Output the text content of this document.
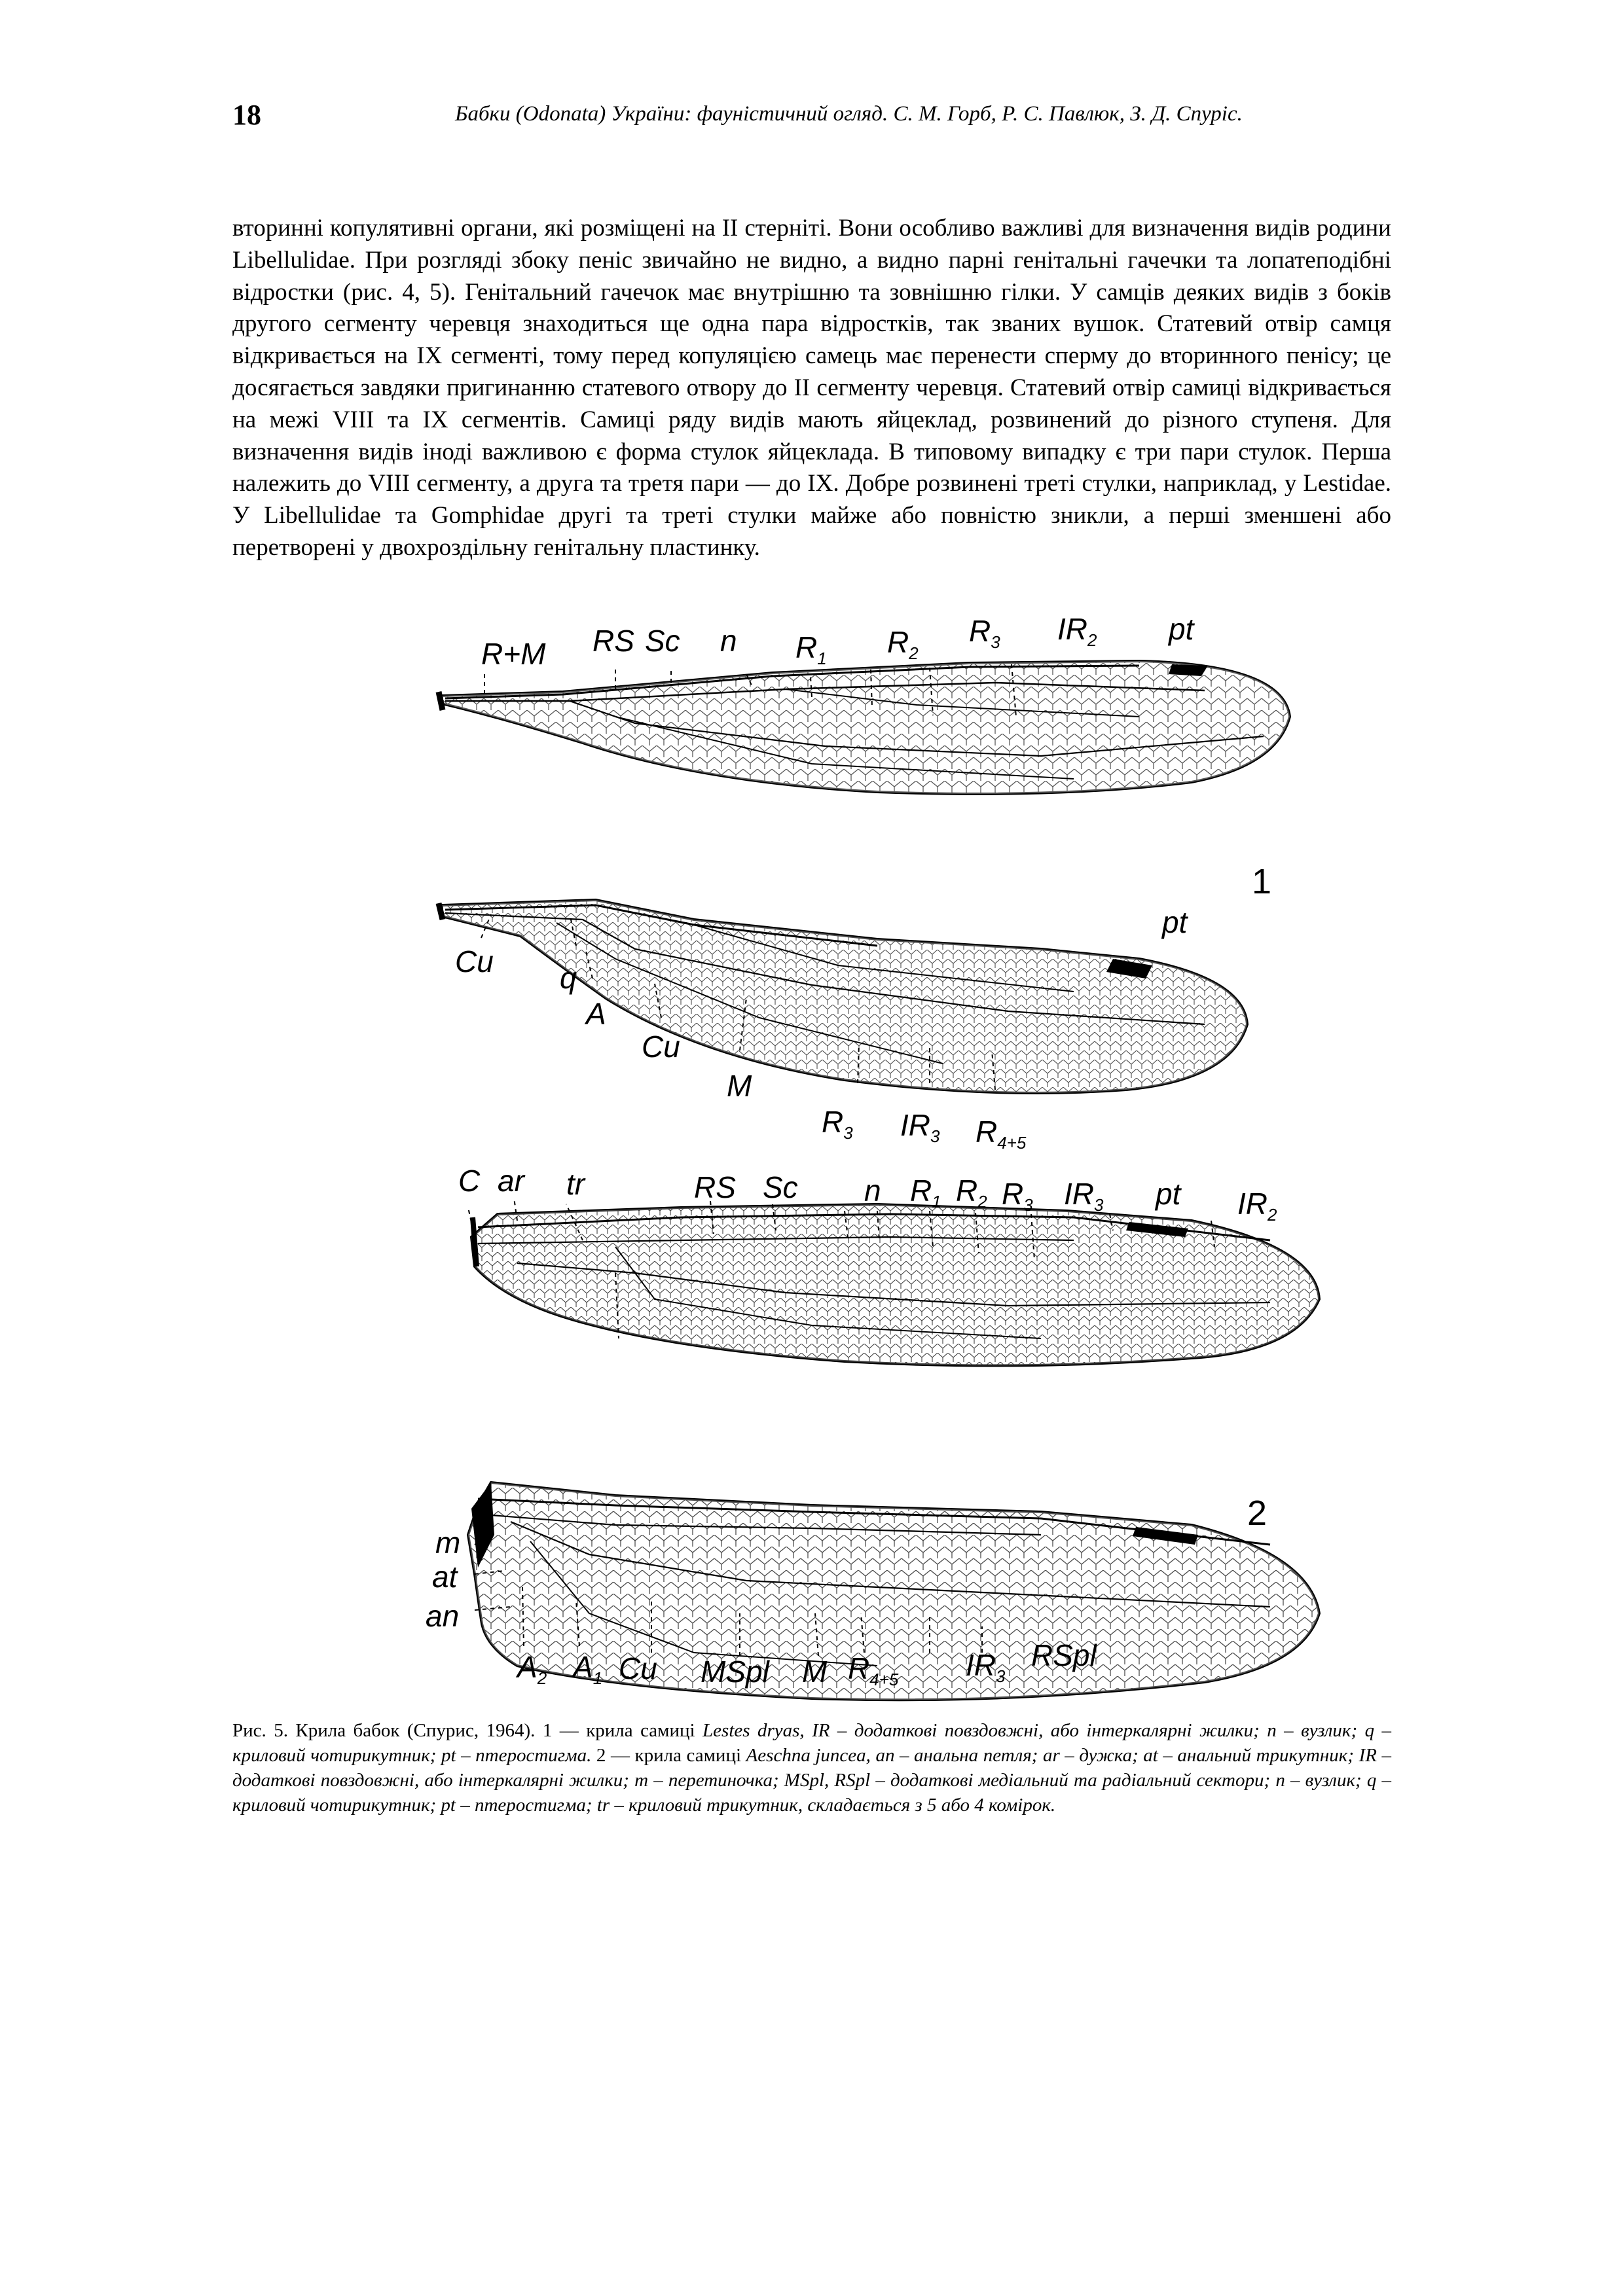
18	Бабки (Odonata) України: фауністичний огляд. С. М. Горб, Р. С. Павлюк, З. Д. Спуріс.

вторинні копулятивні органи, які розміщені на II стерніті. Вони особливо важливі для визначення видів родини Libellulidae. При розгляді збоку пеніс звичайно не видно, а видно парні генітальні гачечки та лопатеподібні відростки (рис. 4, 5). Генітальний гачечок має внутрішню та зовнішню гілки. У самців деяких видів з боків другого сегменту черевця знаходиться ще одна пара відростків, так званих вушок. Статевий отвір самця відкривається на IX сегменті, тому перед копуляцією самець має перенести сперму до вторинного пенісу; це досягається завдяки пригинанню статевого отвору до II сегменту черевця. Статевий отвір самиці відкривається на межі VIII та IX сегментів. Самиці ряду видів мають яйцеклад, розвинений до різного ступеня. Для визначення видів іноді важливою є форма стулок яйцеклада. В типовому випадку є три пари стулок. Перша належить до VIII сегменту, а друга та третя пари — до IX. Добре розвинені треті стулки, наприклад, у Lestidae. У Libellulidae та Gomphidae другі та треті стулки майже або повністю зникли, а перші зменшені або перетворені у двохроздільну генітальну пластинку.

R+M RS Sc n $R_1$ $R_2$
$R_3$ $IR_2$ pt
1
pt
Cu q
A
Cu
M
$R_3$ $IR_3$ $R_{4+5}$
C ar tr	RS Sc n $R_1$ $R_2$ $R_3$ $IR_3$ pt $IR_2$
2
m
at
an
$A_2$ $A_1$ Cu MSpl M $R_{4+5}$ $IR_3$
RSpl
Рис. 5. Крила бабок (Спурис, 1964). 1 — крила самиці Lestes dryas, IR – додаткові повздовжні, або інтеркалярні жилки; n – вузлик; q – криловий чотирикутник; pt – птеростигма. 2 — крила самиці Aeschna juncea, an – анальна петля; ar – дужка; at – анальний трикутник; IR – додаткові повздовжні, або інтеркалярні жилки; m – перетиночка; MSpl, RSpl – додаткові медіальний та радіальний сектори; n – вузлик; q – криловий чотирикутник; pt – птеростигма; tr – криловий трикутник, складається з 5 або 4 комірок.
